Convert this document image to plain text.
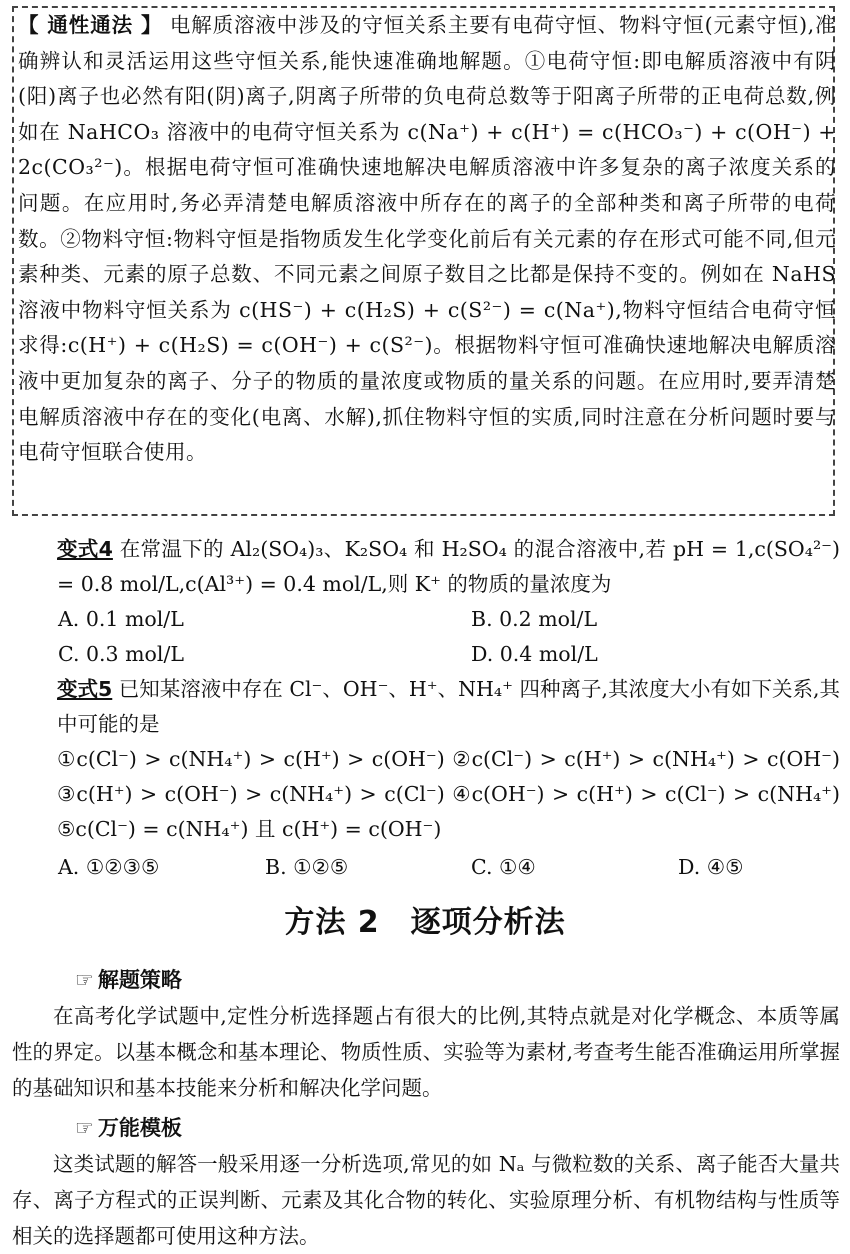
【 通性通法 】 电解质溶液中涉及的守恒关系主要有电荷守恒、物料守恒(元素守恒),准确辨认和灵活运用这些守恒关系,能快速准确地解题。①电荷守恒:即电解质溶液中有阴(阳)离子也必然有阳(阴)离子,阴离子所带的负电荷总数等于阳离子所带的正电荷总数,例如在 NaHCO₃ 溶液中的电荷守恒关系为 c(Na⁺) + c(H⁺) = c(HCO₃⁻) + c(OH⁻) + 2c(CO₃²⁻)。根据电荷守恒可准确快速地解决电解质溶液中许多复杂的离子浓度关系的问题。在应用时,务必弄清楚电解质溶液中所存在的离子的全部种类和离子所带的电荷数。②物料守恒:物料守恒是指物质发生化学变化前后有关元素的存在形式可能不同,但元素种类、元素的原子总数、不同元素之间原子数目之比都是保持不变的。例如在 NaHS 溶液中物料守恒关系为 c(HS⁻) + c(H₂S) + c(S²⁻) = c(Na⁺),物料守恒结合电荷守恒求得:c(H⁺) + c(H₂S) = c(OH⁻) + c(S²⁻)。根据物料守恒可准确快速地解决电解质溶液中更加复杂的离子、分子的物质的量浓度或物质的量关系的问题。在应用时,要弄清楚电解质溶液中存在的变化(电离、水解),抓住物料守恒的实质,同时注意在分析问题时要与电荷守恒联合使用。
变式4 在常温下的 Al₂(SO₄)₃、K₂SO₄ 和 H₂SO₄ 的混合溶液中,若 pH = 1,c(SO₄²⁻) = 0.8 mol/L,c(Al³⁺) = 0.4 mol/L,则 K⁺ 的物质的量浓度为
A. 0.1 mol/L	B. 0.2 mol/L
C. 0.3 mol/L	D. 0.4 mol/L
变式5 已知某溶液中存在 Cl⁻、OH⁻、H⁺、NH₄⁺ 四种离子,其浓度大小有如下关系,其中可能的是
①c(Cl⁻) > c(NH₄⁺) > c(H⁺) > c(OH⁻) ②c(Cl⁻) > c(H⁺) > c(NH₄⁺) > c(OH⁻) ③c(H⁺) > c(OH⁻) > c(NH₄⁺) > c(Cl⁻) ④c(OH⁻) > c(H⁺) > c(Cl⁻) > c(NH₄⁺) ⑤c(Cl⁻) = c(NH₄⁺) 且 c(H⁺) = c(OH⁻)
A. ①②③⑤	B. ①②⑤	C. ①④	D. ④⑤
方法 2　逐项分析法
☞ 解题策略
在高考化学试题中,定性分析选择题占有很大的比例,其特点就是对化学概念、本质等属性的界定。以基本概念和基本理论、物质性质、实验等为素材,考查考生能否准确运用所掌握的基础知识和基本技能来分析和解决化学问题。
☞ 万能模板
这类试题的解答一般采用逐一分析选项,常见的如 Nₐ 与微粒数的关系、离子能否大量共存、离子方程式的正误判断、元素及其化合物的转化、实验原理分析、有机物结构与性质等相关的选择题都可使用这种方法。
